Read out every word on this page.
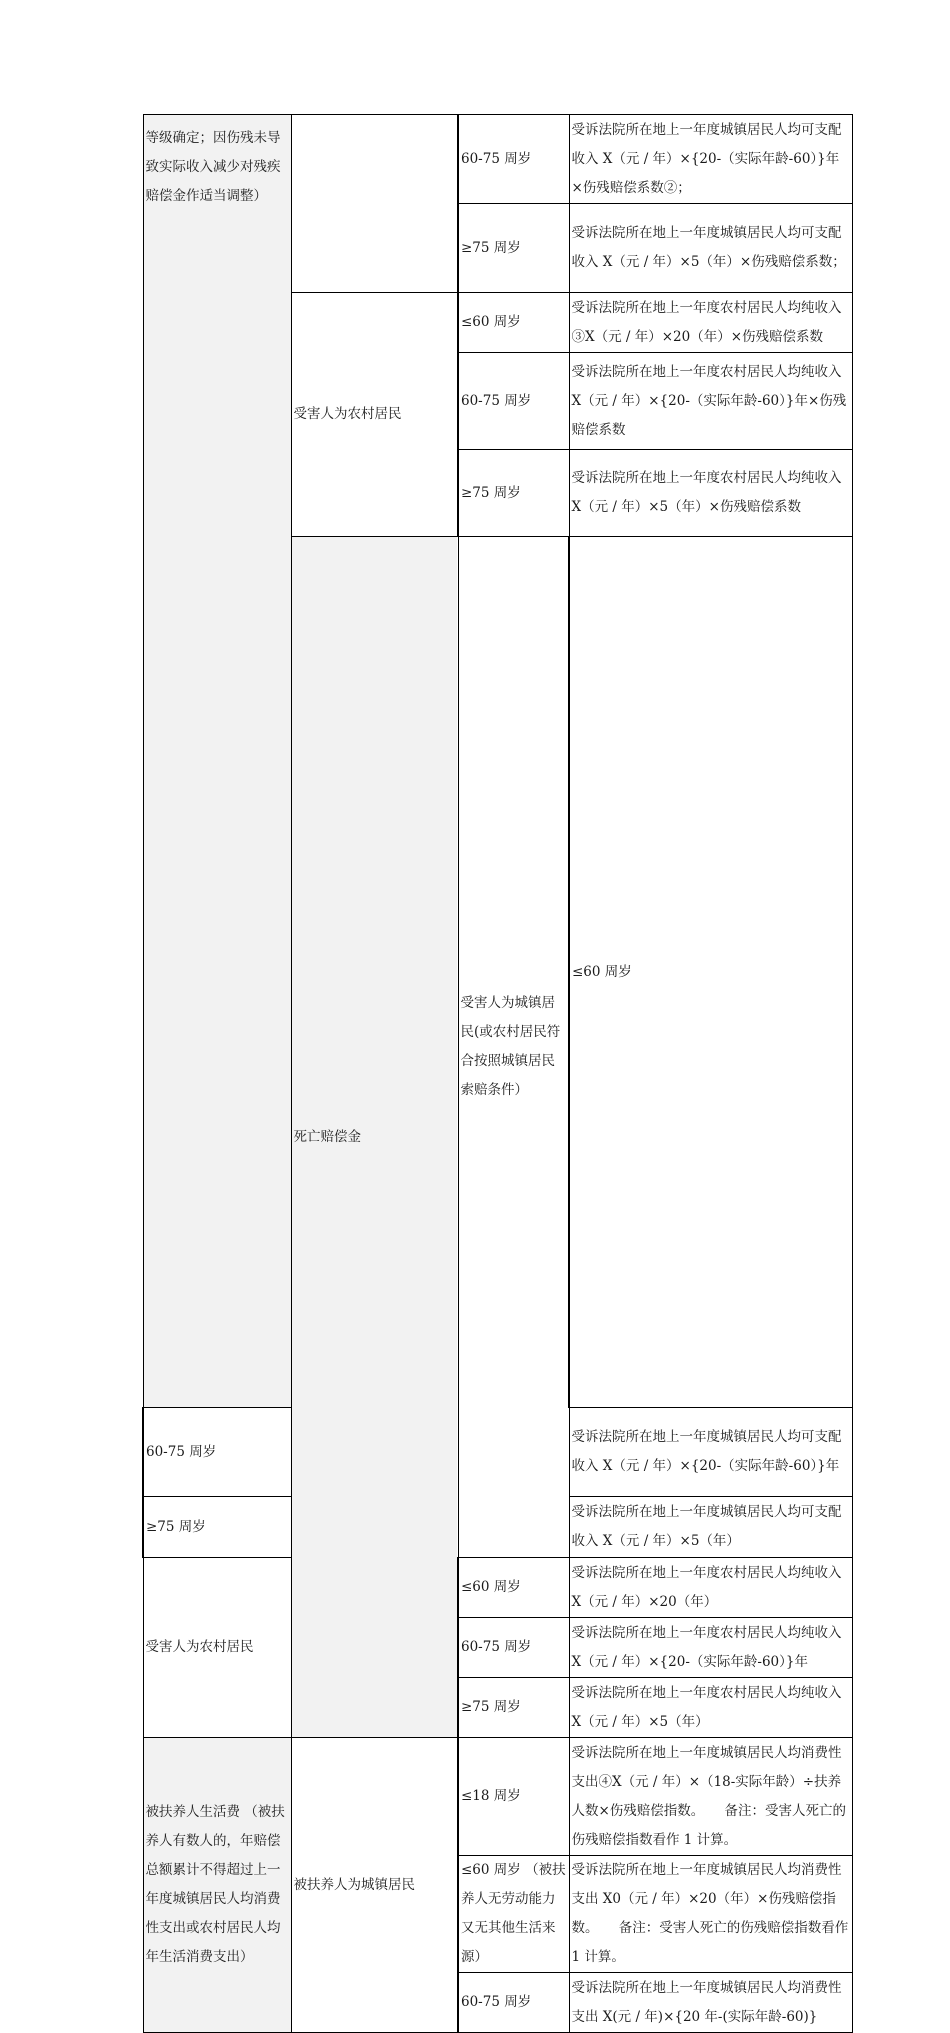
等级确定；因伤残未导致实际收入减少对残疾赔偿金作适当调整）		60-75 周岁	受诉法院所在地上一年度城镇居民人均可支配收入 X（元 / 年）×{20-（实际年龄-60）}年×伤残赔偿系数②；	
		≥75 周岁	受诉法院所在地上一年度城镇居民人均可支配收入 X（元 / 年）×5（年）×伤残赔偿系数；	
	受害人为农村居民	≤60 周岁	受诉法院所在地上一年度农村居民人均纯收入③X（元 / 年）×20（年）×伤残赔偿系数	
		60-75 周岁	受诉法院所在地上一年度农村居民人均纯收入 X（元 / 年）×{20-（实际年龄-60）}年×伤残赔偿系数	
		≥75 周岁	受诉法院所在地上一年度农村居民人均纯收入 X（元 / 年）×5（年）×伤残赔偿系数	
	死亡赔偿金	受害人为城镇居民(或农村居民符合按照城镇居民索赔条件）	≤60 周岁	
60-75 周岁			受诉法院所在地上一年度城镇居民人均可支配收入 X（元 / 年）×{20-（实际年龄-60）}年	
≥75 周岁			受诉法院所在地上一年度城镇居民人均可支配收入 X（元 / 年）×5（年）	
受害人为农村居民		≤60 周岁	受诉法院所在地上一年度农村居民人均纯收入 X（元 / 年）×20（年）	
		60-75 周岁	受诉法院所在地上一年度农村居民人均纯收入 X（元 / 年）×{20-（实际年龄-60）}年	
		≥75 周岁	受诉法院所在地上一年度农村居民人均纯收入 X（元 / 年）×5（年）	
被扶养人生活费 （被扶养人有数人的，年赔偿总额累计不得超过上一年度城镇居民人均消费性支出或农村居民人均年生活消费支出）	被扶养人为城镇居民	≤18 周岁	受诉法院所在地上一年度城镇居民人均消费性支出④X（元 / 年）×（18-实际年龄）÷扶养人数×伤残赔偿指数。　　备注：受害人死亡的伤残赔偿指数看作 1 计算。	
		≤60 周岁 （被扶养人无劳动能力又无其他生活来源）	受诉法院所在地上一年度城镇居民人均消费性支出 X0（元 / 年）×20（年）×伤残赔偿指数。　　备注：受害人死亡的伤残赔偿指数看作 1 计算。	
		60-75 周岁	受诉法院所在地上一年度城镇居民人均消费性支出 X(元 / 年)×{20 年-(实际年龄-60)}	
